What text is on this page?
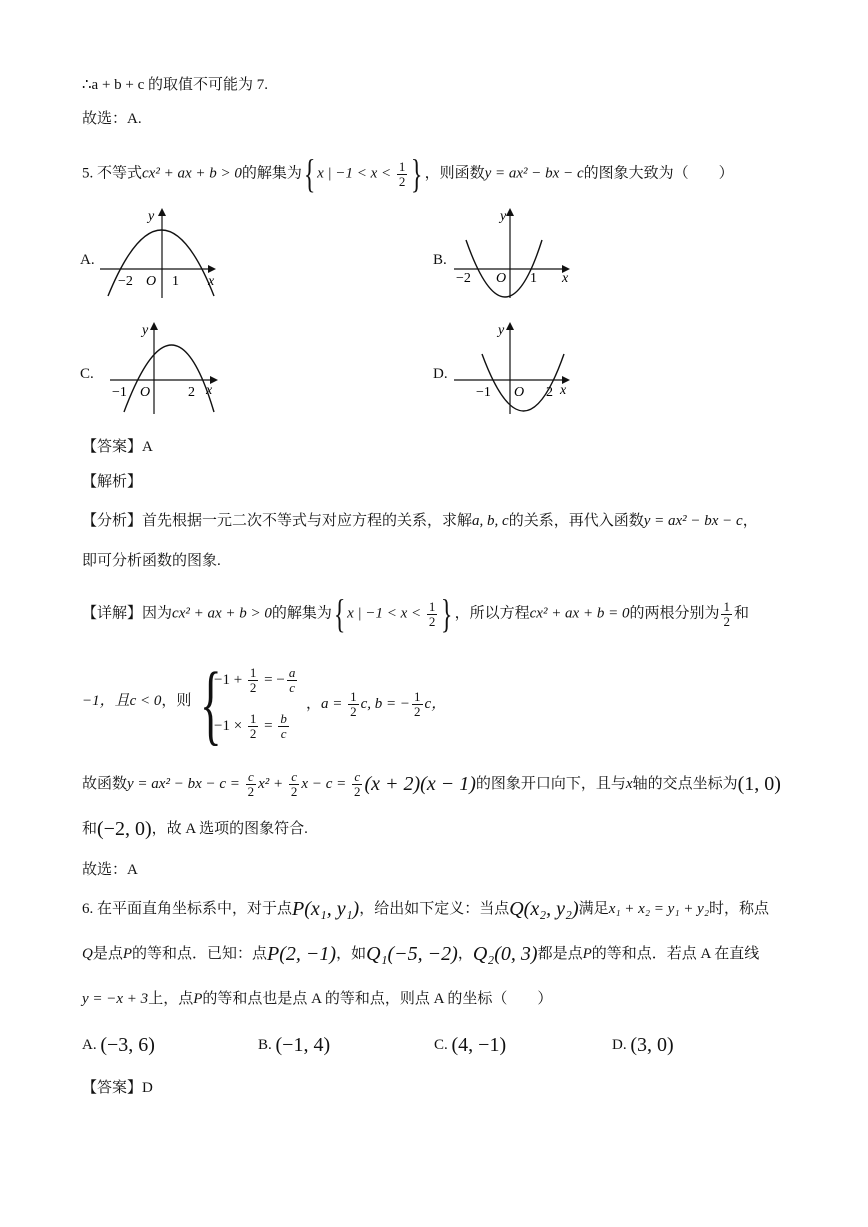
∴a + b + c 的取值不可能为 7.
故选：A.
5. 不等式cx² + ax + b > 0的解集为{ x | $-1 < x < \frac{1}{2}$ } ，则函数y = ax² − bx − c的图象大致为（　　）
A.
−2 O 1 x
y
B.
−2 O 1 x
y
C.
−1 O	2 x
y
D.
−1 O 2 x
y
【答案】A
【解析】
【分析】首先根据一元二次不等式与对应方程的关系，求解a, b, c的关系，再代入函数y = ax² − bx − c，
即可分析函数的图象.
【详解】因为cx² + ax + b > 0的解集为{ x | $-1 < x < \frac{1}{2}$ } ，所以方程cx² + ax + b = 0的两根分别为 $\frac{1}{2}$ 和
−1，且c < 0，则 {
$-1 + \frac{1}{2}$ = − $\frac{a}{c}$
$-1 \times \frac{1}{2} = \frac{b}{c}$
，$a = \frac{1}{2} c$, b = − $\frac{1}{2}$ c，
故函数y = ax² − bx − $c = \frac{c}{2} x^2 + \frac{c}{2}$ $x - c = \frac{c}{2} (x + 2)(x - 1)$的图象开口向下，且与x轴的交点坐标为(1, 0)
和(−2, 0)，故 A 选项的图象符合.
故选：A
6. 在平面直角坐标系中，对于点P(x₁, y₁)，给出如下定义：当点Q(x₂, y₂)满足x₁ + x₂ = y₁ + y₂时，称点
Q是点P的等和点．已知：点P(2, −1)，如Q₁(−5, −2)，Q₂(0, 3)都是点P的等和点．若点 A 在直线
y = −x + 3上，点P的等和点也是点 A 的等和点，则点 A 的坐标（　　）
A. (−3, 6)	B. (−1, 4)	C. (4, −1)	D. (3, 0)
【答案】D
